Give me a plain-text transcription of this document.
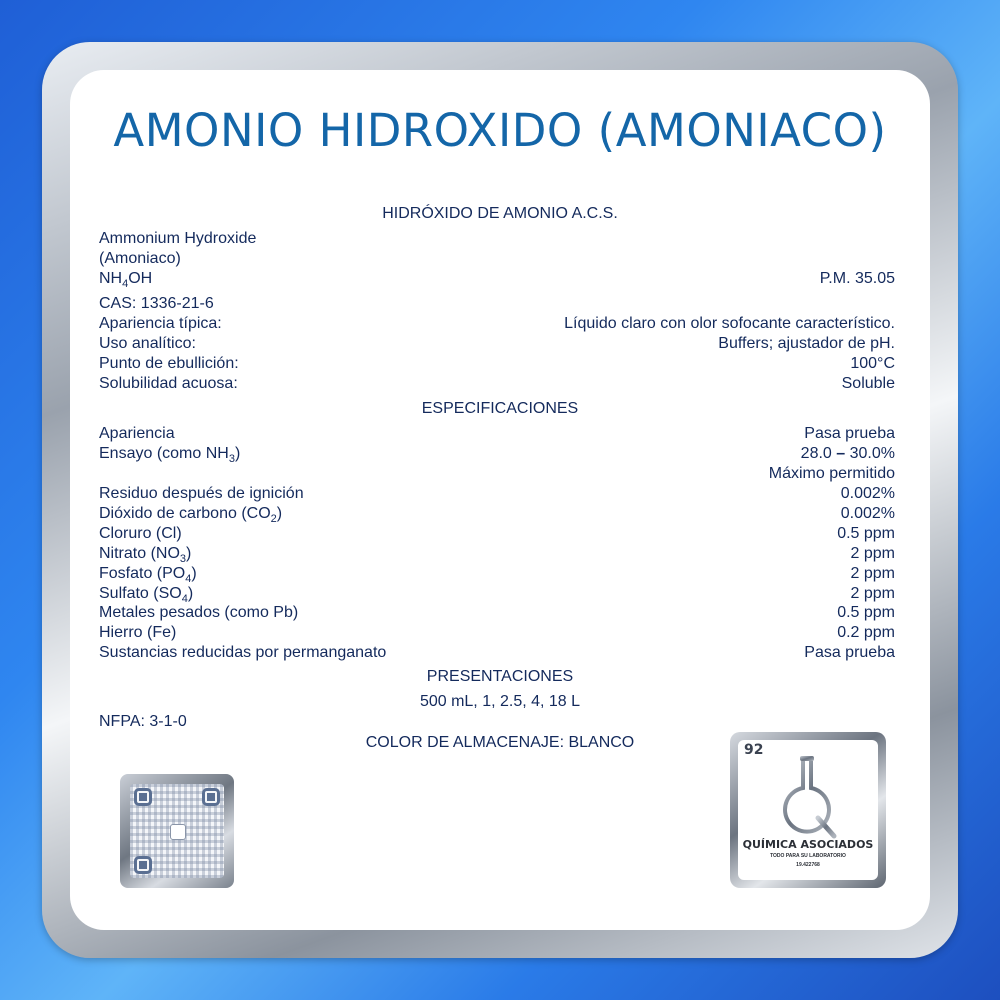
AMONIO HIDROXIDO (AMONIACO)
HIDRÓXIDO DE AMONIO A.C.S.
Ammonium Hydroxide
(Amoniaco)
$NH_4OH$	P.M. 35.05
CAS: 1336-21-6
Apariencia típica:	Líquido claro con olor sofocante característico.
Uso analítico:	Buffers; ajustador de pH.
Punto de ebullición:	100°C
Solubilidad acuosa:	Soluble
ESPECIFICACIONES
Apariencia	Pasa prueba
Ensayo (como $NH_3$)	28.0 – 30.0%
Máximo permitido
Residuo después de ignición	0.002%
Dióxido de carbono $(CO_2)$	0.002%
Cloruro (Cl)	0.5 ppm
Nitrato $(NO_3)$	2 ppm
Fosfato $(PO_4)$	2 ppm
Sulfato $(SO_4)$	2 ppm
Metales pesados (como Pb)	0.5 ppm
Hierro (Fe)	0.2 ppm
Sustancias reducidas por permanganato	Pasa prueba
PRESENTACIONES
500 mL, 1, 2.5, 4, 18 L
NFPA: 3-1-0
COLOR DE ALMACENAJE: BLANCO	92
QUÍMICA ASOCIADOS
TODO PARA SU LABORATORIO
19.422768
